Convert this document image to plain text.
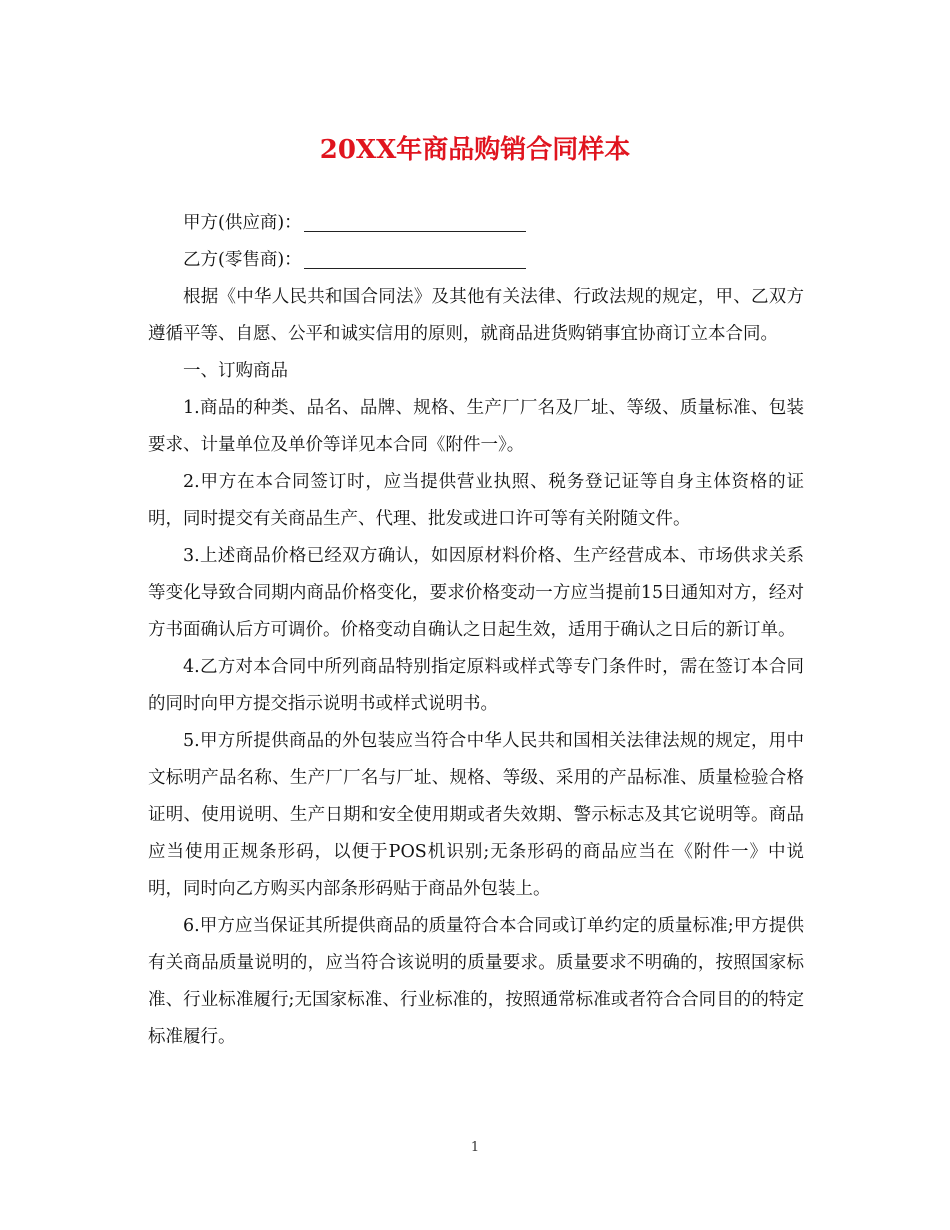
20XX年商品购销合同样本

甲方(供应商)：

乙方(零售商)：

根据《中华人民共和国合同法》及其他有关法律、行政法规的规定，甲、乙双方遵循平等、自愿、公平和诚实信用的原则，就商品进货购销事宜协商订立本合同。

一、订购商品

1.商品的种类、品名、品牌、规格、生产厂厂名及厂址、等级、质量标准、包装要求、计量单位及单价等详见本合同《附件一》。

2.甲方在本合同签订时，应当提供营业执照、税务登记证等自身主体资格的证明，同时提交有关商品生产、代理、批发或进口许可等有关附随文件。

3.上述商品价格已经双方确认，如因原材料价格、生产经营成本、市场供求关系等变化导致合同期内商品价格变化，要求价格变动一方应当提前15日通知对方，经对方书面确认后方可调价。价格变动自确认之日起生效，适用于确认之日后的新订单。

4.乙方对本合同中所列商品特别指定原料或样式等专门条件时，需在签订本合同的同时向甲方提交指示说明书或样式说明书。

5.甲方所提供商品的外包装应当符合中华人民共和国相关法律法规的规定，用中文标明产品名称、生产厂厂名与厂址、规格、等级、采用的产品标准、质量检验合格证明、使用说明、生产日期和安全使用期或者失效期、警示标志及其它说明等。商品应当使用正规条形码，以便于POS机识别;无条形码的商品应当在《附件一》中说明，同时向乙方购买内部条形码贴于商品外包装上。

6.甲方应当保证其所提供商品的质量符合本合同或订单约定的质量标准;甲方提供有关商品质量说明的，应当符合该说明的质量要求。质量要求不明确的，按照国家标准、行业标准履行;无国家标准、行业标准的，按照通常标准或者符合合同目的的特定标准履行。

1
